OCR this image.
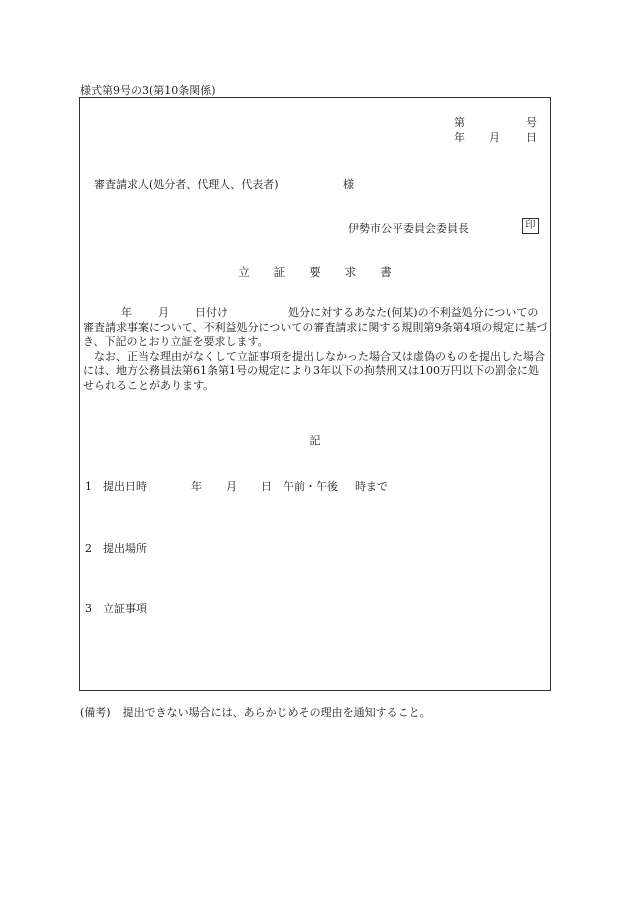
様式第9号の3(第10条関係)
第	号
年 月 日
審査請求人(処分者、代理人、代表者)	様
伊勢市公平委員会委員長	印
立証要求書

年 月 日付け	処分に対するあなた(何某)の不利益処分についての審査請求事案について、不利益処分についての審査請求に関する規則第9条第4項の規定に基づき、下記のとおり立証を要求します。

なお、正当な理由がなくして立証事項を提出しなかった場合又は虚偽のものを提出した場合には、地方公務員法第61条第1号の規定により3年以下の拘禁刑又は100万円以下の罰金に処せられることがあります。

記
1 提出日時	年 月 日 午前・午後 時まで
2 提出場所
3 立証事項
(備考) 提出できない場合には、あらかじめその理由を通知すること。
